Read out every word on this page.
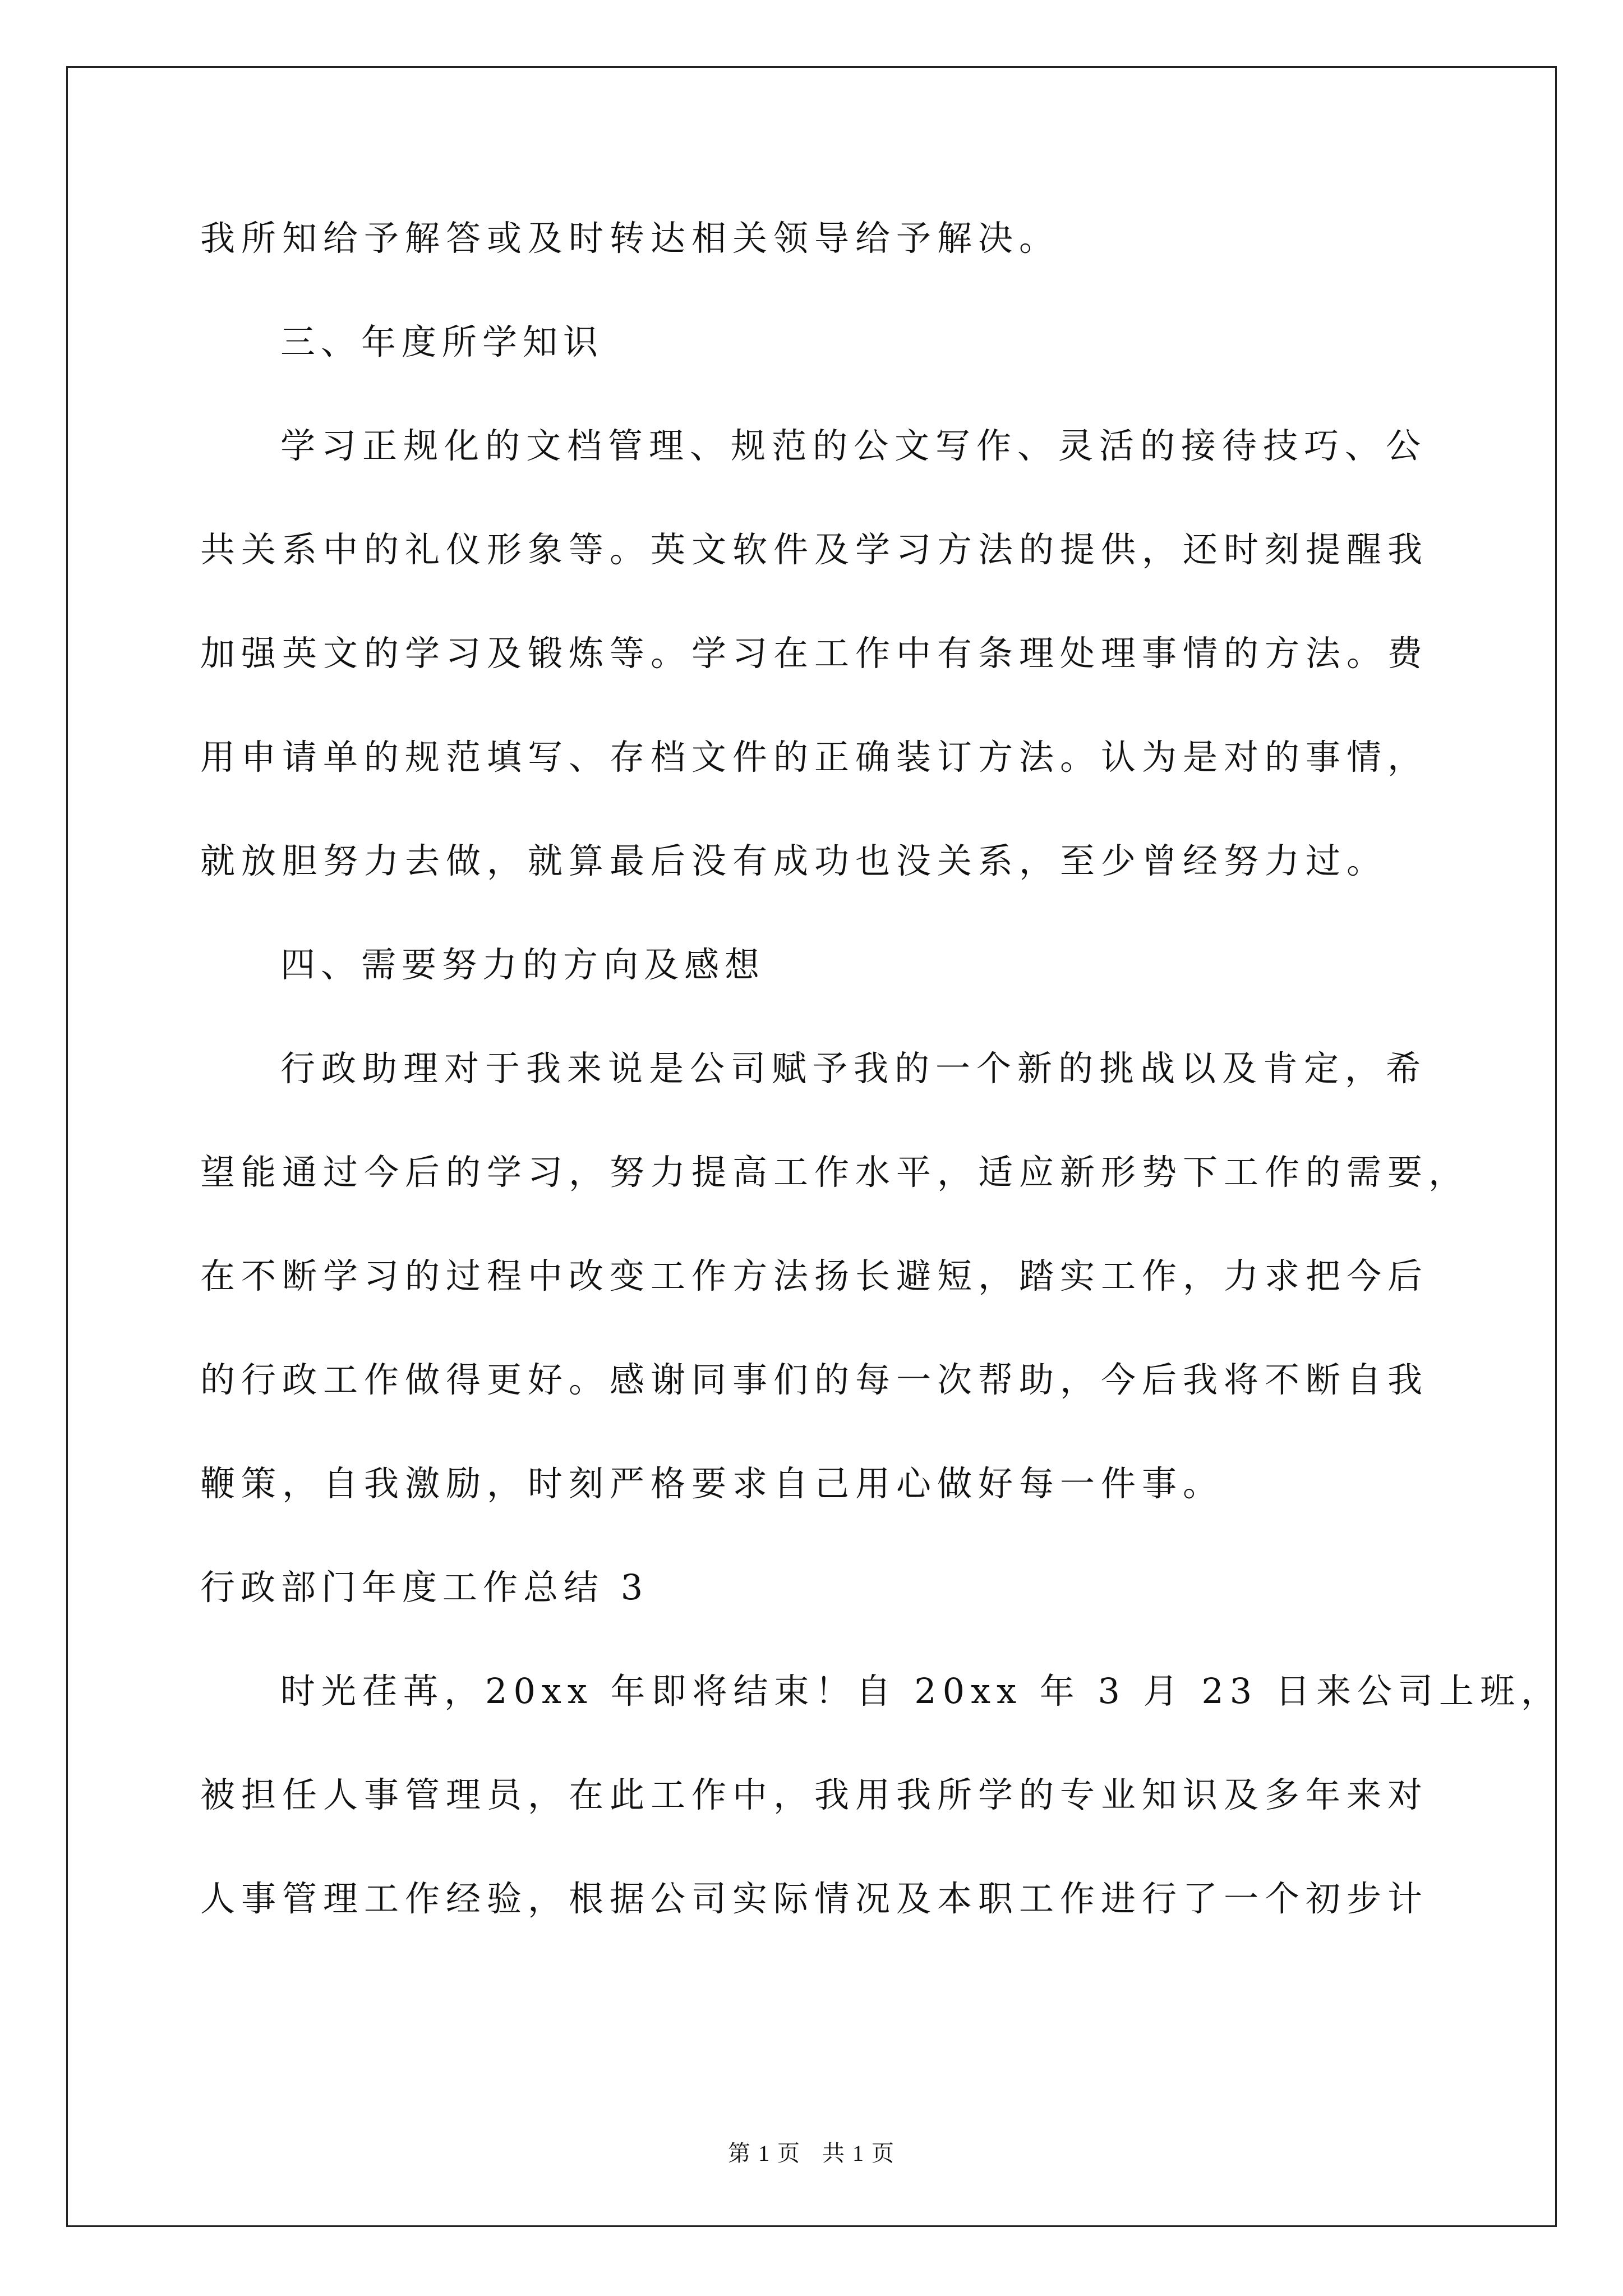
我所知给予解答或及时转达相关领导给予解决。

三、年度所学知识

学习正规化的文档管理、规范的公文写作、灵活的接待技巧、公

共关系中的礼仪形象等。英文软件及学习方法的提供，还时刻提醒我

加强英文的学习及锻炼等。学习在工作中有条理处理事情的方法。费

用申请单的规范填写、存档文件的正确装订方法。认为是对的事情，

就放胆努力去做，就算最后没有成功也没关系，至少曾经努力过。

四、需要努力的方向及感想

行政助理对于我来说是公司赋予我的一个新的挑战以及肯定，希

望能通过今后的学习，努力提高工作水平，适应新形势下工作的需要，

在不断学习的过程中改变工作方法扬长避短，踏实工作，力求把今后

的行政工作做得更好。感谢同事们的每一次帮助，今后我将不断自我

鞭策，自我激励，时刻严格要求自己用心做好每一件事。

行政部门年度工作总结 3

时光荏苒，20xx 年即将结束！自 20xx 年 3 月 23 日来公司上班，

被担任人事管理员，在此工作中，我用我所学的专业知识及多年来对

人事管理工作经验，根据公司实际情况及本职工作进行了一个初步计

第 1 页 共 1 页
